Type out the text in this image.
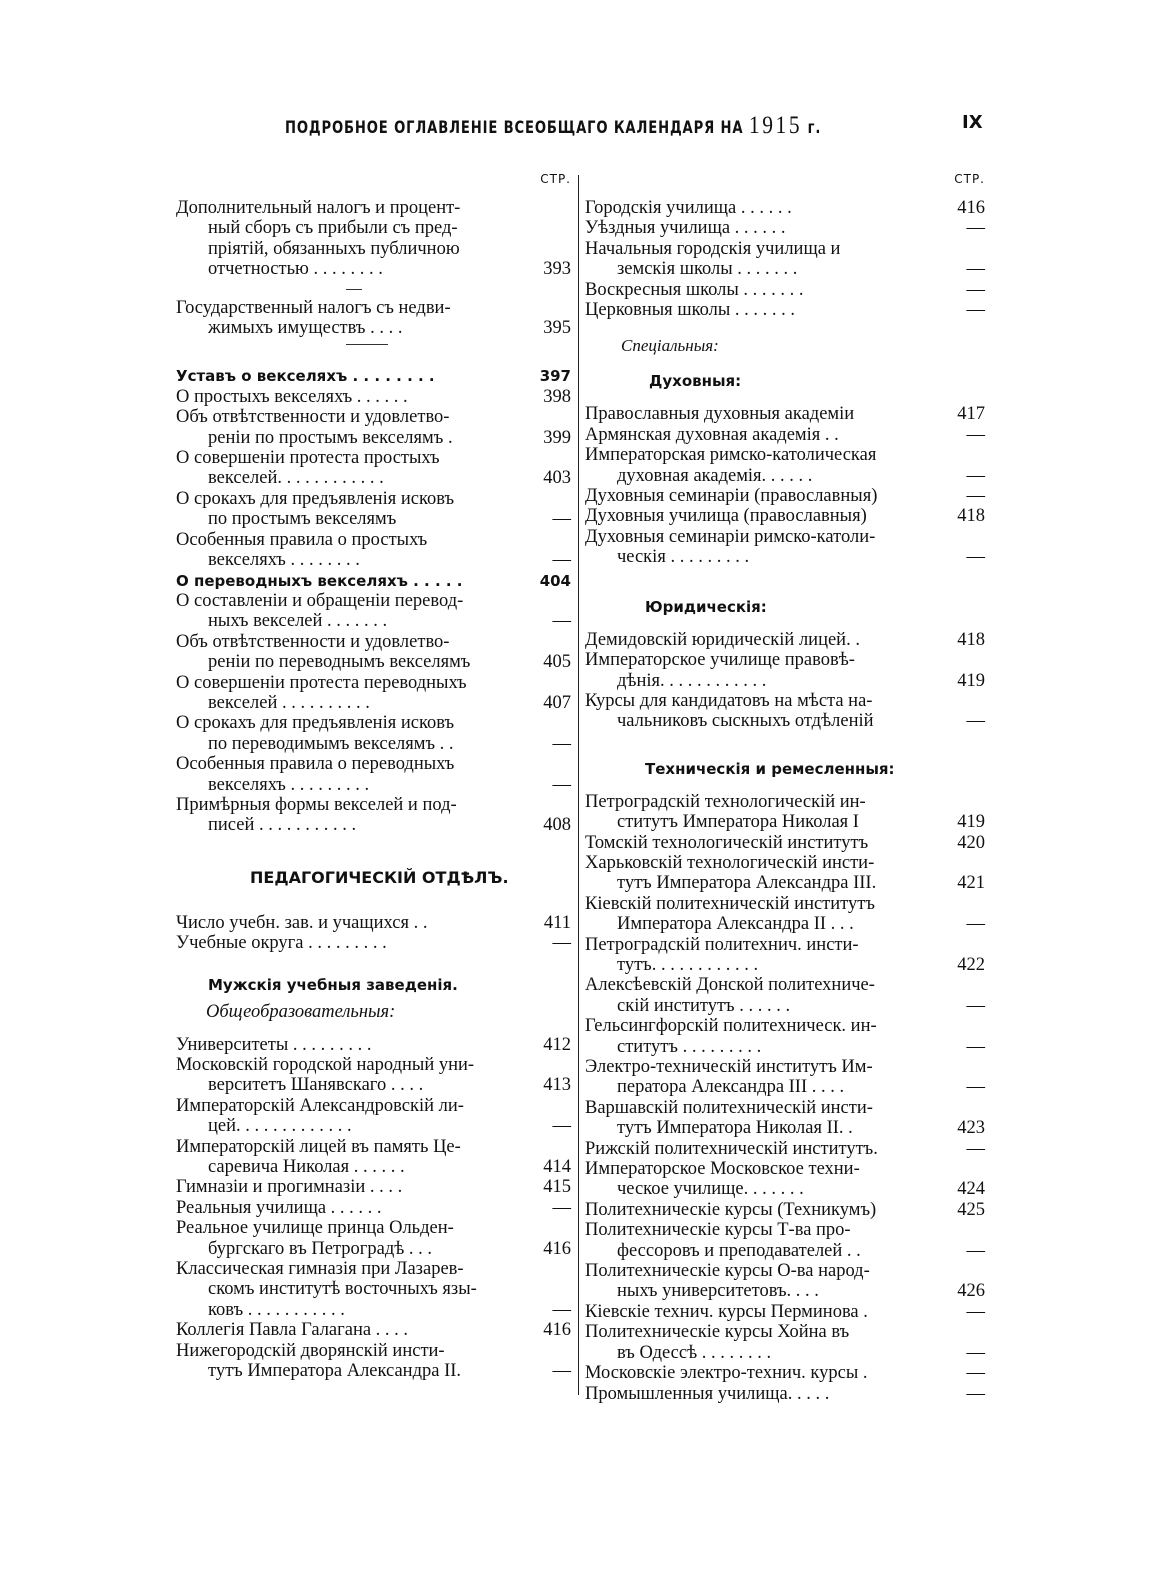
ПОДРОБНОЕ ОГЛАВЛЕНІЕ ВСЕОБЩАГО КАЛЕНДАРЯ НА 1915 г.	IX
СТР.
Дополнительный налогъ и процент-
ный сборъ съ прибыли съ пред-
пріятій, обязанныхъ публичною
отчетностью . . . . . . . .	393
Государственный налогъ съ недви-
жимыхъ имуществъ . . . .	395
Уставъ о векселяхъ . . . . . . . .	397
О простыхъ векселяхъ . . . . . .	398
Объ отвѣтственности и удовлетво-
реніи по простымъ векселямъ .	399
О совершеніи протеста простыхъ
векселей. . . . . . . . . . . .	403
О срокахъ для предъявленія исковъ
по простымъ векселямъ	—
Особенныя правила о простыхъ
векселяхъ . . . . . . . .	—
О переводныхъ векселяхъ . . . . .	404
О составленіи и обращеніи перевод-
ныхъ векселей . . . . . . .	—
Объ отвѣтственности и удовлетво-
реніи по переводнымъ векселямъ	405
О совершеніи протеста переводныхъ
векселей . . . . . . . . . .	407
О срокахъ для предъявленія исковъ
по переводимымъ векселямъ . .	—
Особенныя правила о переводныхъ
векселяхъ . . . . . . . . .	—
Примѣрныя формы векселей и под-
писей . . . . . . . . . . .	408
ПЕДАГОГИЧЕСКІЙ ОТДѢЛЪ.
Число учебн. зав. и учащихся . .	411
Учебные округа . . . . . . . . .	—
Мужскія учебныя заведенія.
Общеобразовательныя:
Университеты . . . . . . . . .	412
Московскій городской народный уни-
верситетъ Шанявскаго . . . .	413
Императорскій Александровскій ли-
цей. . . . . . . . . . . . .	—
Императорскій лицей въ память Це-
саревича Николая . . . . . .	414
Гимназіи и прогимназіи . . . .	415
Реальныя училища . . . . . .	—
Реальное училище принца Ольден-
бургскаго въ Петроградѣ . . .	416
Классическая гимназія при Лазарев-
скомъ институтѣ восточныхъ язы-
ковъ . . . . . . . . . . .	—
Коллегія Павла Галагана . . . .	416
Нижегородскій дворянскій инсти-
тутъ Императора Александра II.	—
СТР.
Городскія училища . . . . . .	416
Уѣздныя училища . . . . . .	—
Начальныя городскія училища и
земскія школы . . . . . . .	—
Воскресныя школы . . . . . . .	—
Церковныя школы . . . . . . .	—
Спеціальныя:
Духовныя:
Православныя духовныя академіи	417
Армянская духовная академія . .	—
Императорская римско-католическая
духовная академія. . . . . .	—
Духовныя семинаріи (православныя)	—
Духовныя училища (православныя)	418
Духовныя семинаріи римско-католи-
ческія . . . . . . . . .	—
Юридическія:
Демидовскій юридическій лицей. .	418
Императорское училище правовѣ-
дѣнія. . . . . . . . . . . .	419
Курсы для кандидатовъ на мѣста на-
чальниковъ сыскныхъ отдѣленій	—
Техническія и ремесленныя:
Петроградскій технологическій ин-
ститутъ Императора Николая I	419
Томскій технологическій институтъ	420
Харьковскій технологическій инсти-
тутъ Императора Александра III.	421
Кіевскій политехническій институтъ
Императора Александра II . . .	—
Петроградскій политехнич. инсти-
тутъ. . . . . . . . . . . .	422
Алексѣевскій Донской политехниче-
скій институтъ . . . . . .	—
Гельсингфорскій политехническ. ин-
ститутъ . . . . . . . . .	—
Электро-техническій институтъ Им-
ператора Александра III . . . .	—
Варшавскій политехническій инсти-
тутъ Императора Николая II. .	423
Рижскій политехническій институтъ.	—
Императорское Московское техни-
ческое училище. . . . . . .	424
Политехническіе курсы (Техникумъ)	425
Политехническіе курсы Т-ва про-
фессоровъ и преподавателей . .	—
Политехническіе курсы О-ва народ-
ныхъ университетовъ. . . .	426
Кіевскіе технич. курсы Перминова .	—
Политехническіе курсы Хойна въ
въ Одессѣ . . . . . . . .	—
Московскіе электро-технич. курсы .	—
Промышленныя училища. . . . .	—
